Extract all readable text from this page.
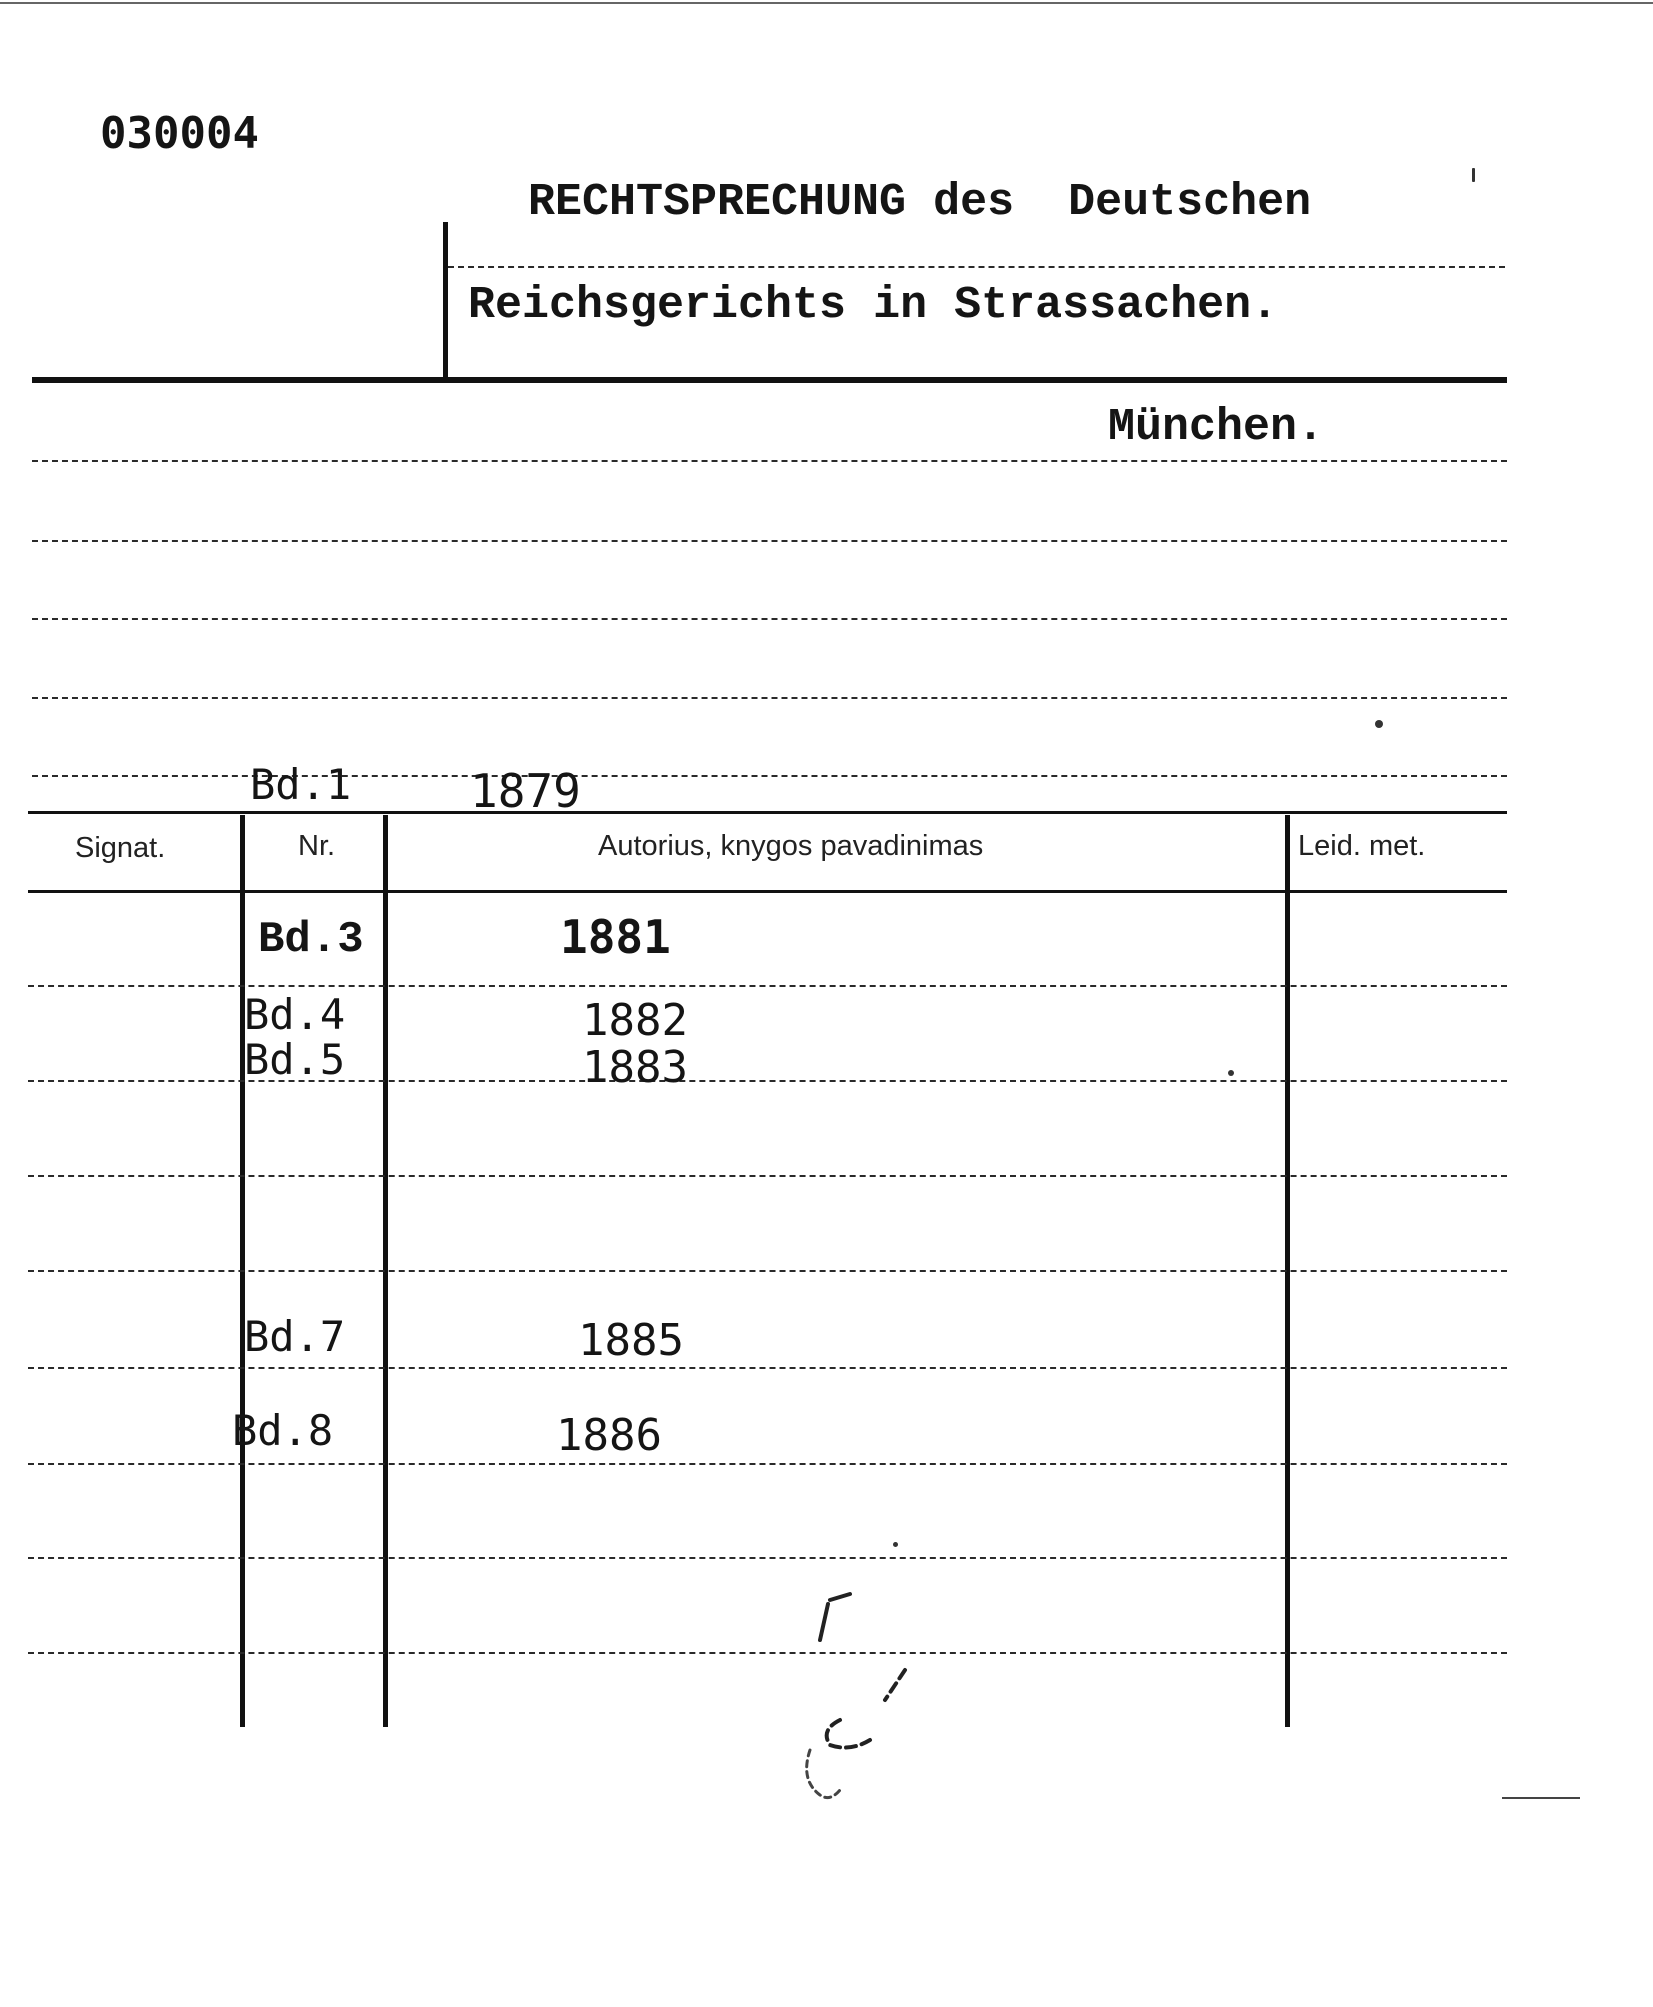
030004
RECHTSPRECHUNG des  Deutschen
Reichsgerichts in Strassachen.
München.
Bd.1	1879
Signat.	Nr.	Autorius, knygos pavadinimas	Leid. met.
Bd.3	1881
Bd.4	1882
Bd.5	1883
Bd.7	1885
Bd.8	1886
